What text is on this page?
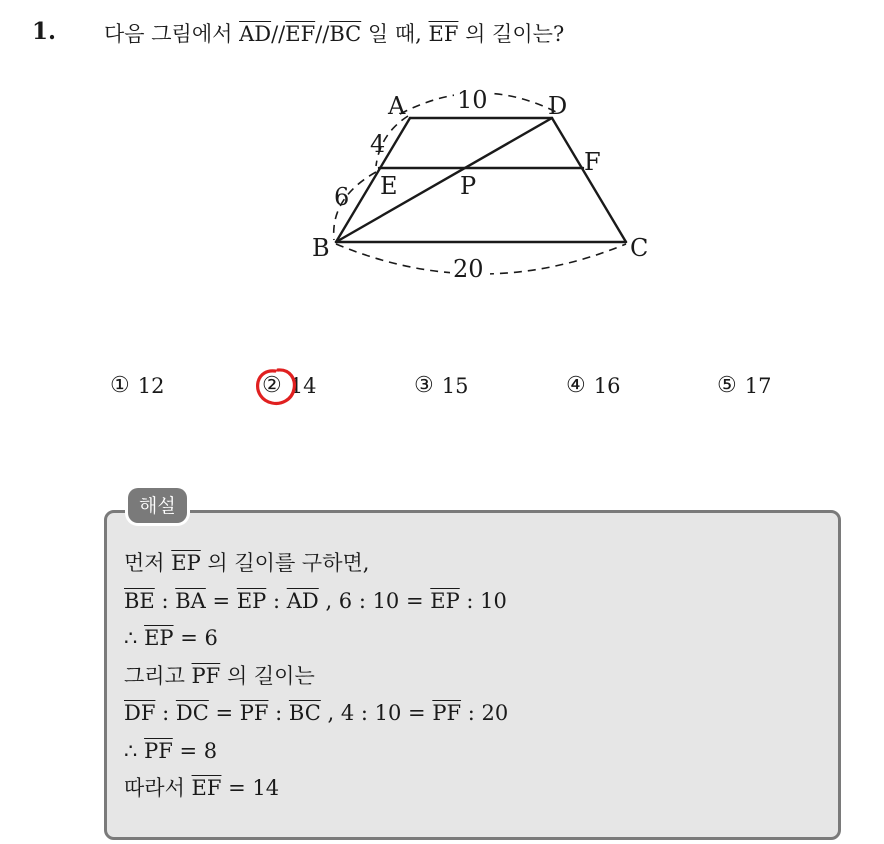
1. 다음 그림에서 $\overline{AD}//\overline{EF}//\overline{BC}$ 일 때, $\overline{EF}$ 의 길이는?
A	D
E
F
P
B	C
10
4
6
20
① 12	② 14	③ 15	④ 16	⑤ 17
해설
먼저 $\overline{EP}$ 의 길이를 구하면,
$\overline{BE}$ : $\overline{BA} = \overline{EP}$ : $\overline{AD}$ , 6 : $10 = \overline{EP}$ : 10
∴ $\overline{EP} = 6$
그리고 $\overline{PF}$ 의 길이는
$\overline{DF}$ : $\overline{DC} = \overline{PF}$ : $\overline{BC}$ , 4 : $10 = \overline{PF}$ : 20
∴ $\overline{PF} = 8$
따라서 $\overline{EF} = 14$
